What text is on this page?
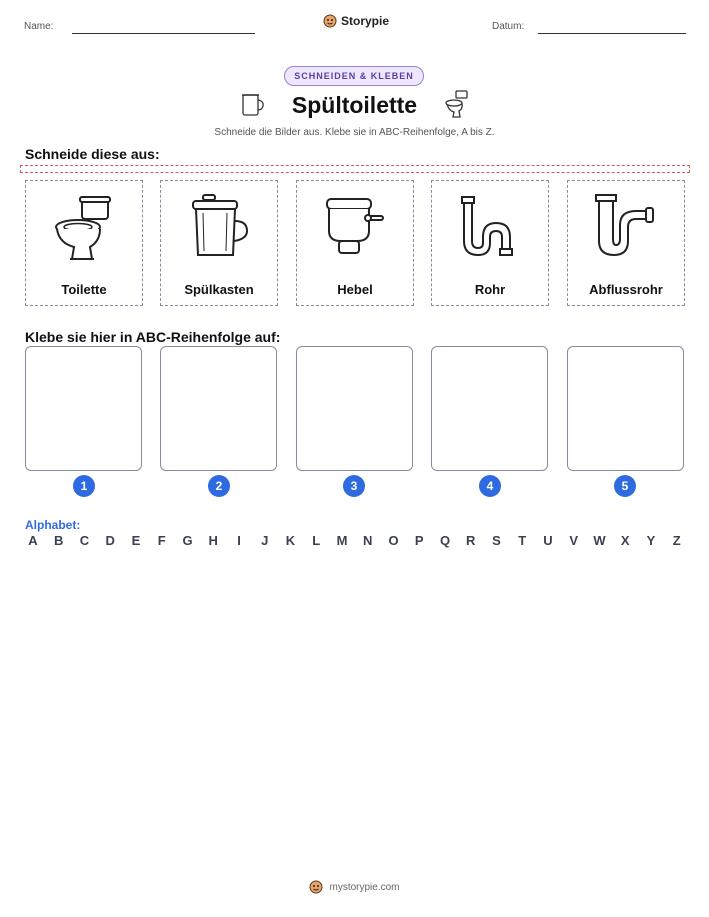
Name:	Storypie	Datum:
SCHNEIDEN & KLEBEN
Spültoilette
Schneide die Bilder aus. Klebe sie in ABC-Reihenfolge, A bis Z.
Schneide diese aus:
Toilette	Spülkasten	Hebel	Rohr	Abflussrohr
Klebe sie hier in ABC-Reihenfolge auf:
1	2	3	4	5
Alphabet:
A B C D E	F	G H	I	J	K	L	M N O P Q R S	T	U V W X Y	Z
mystorypie.com
